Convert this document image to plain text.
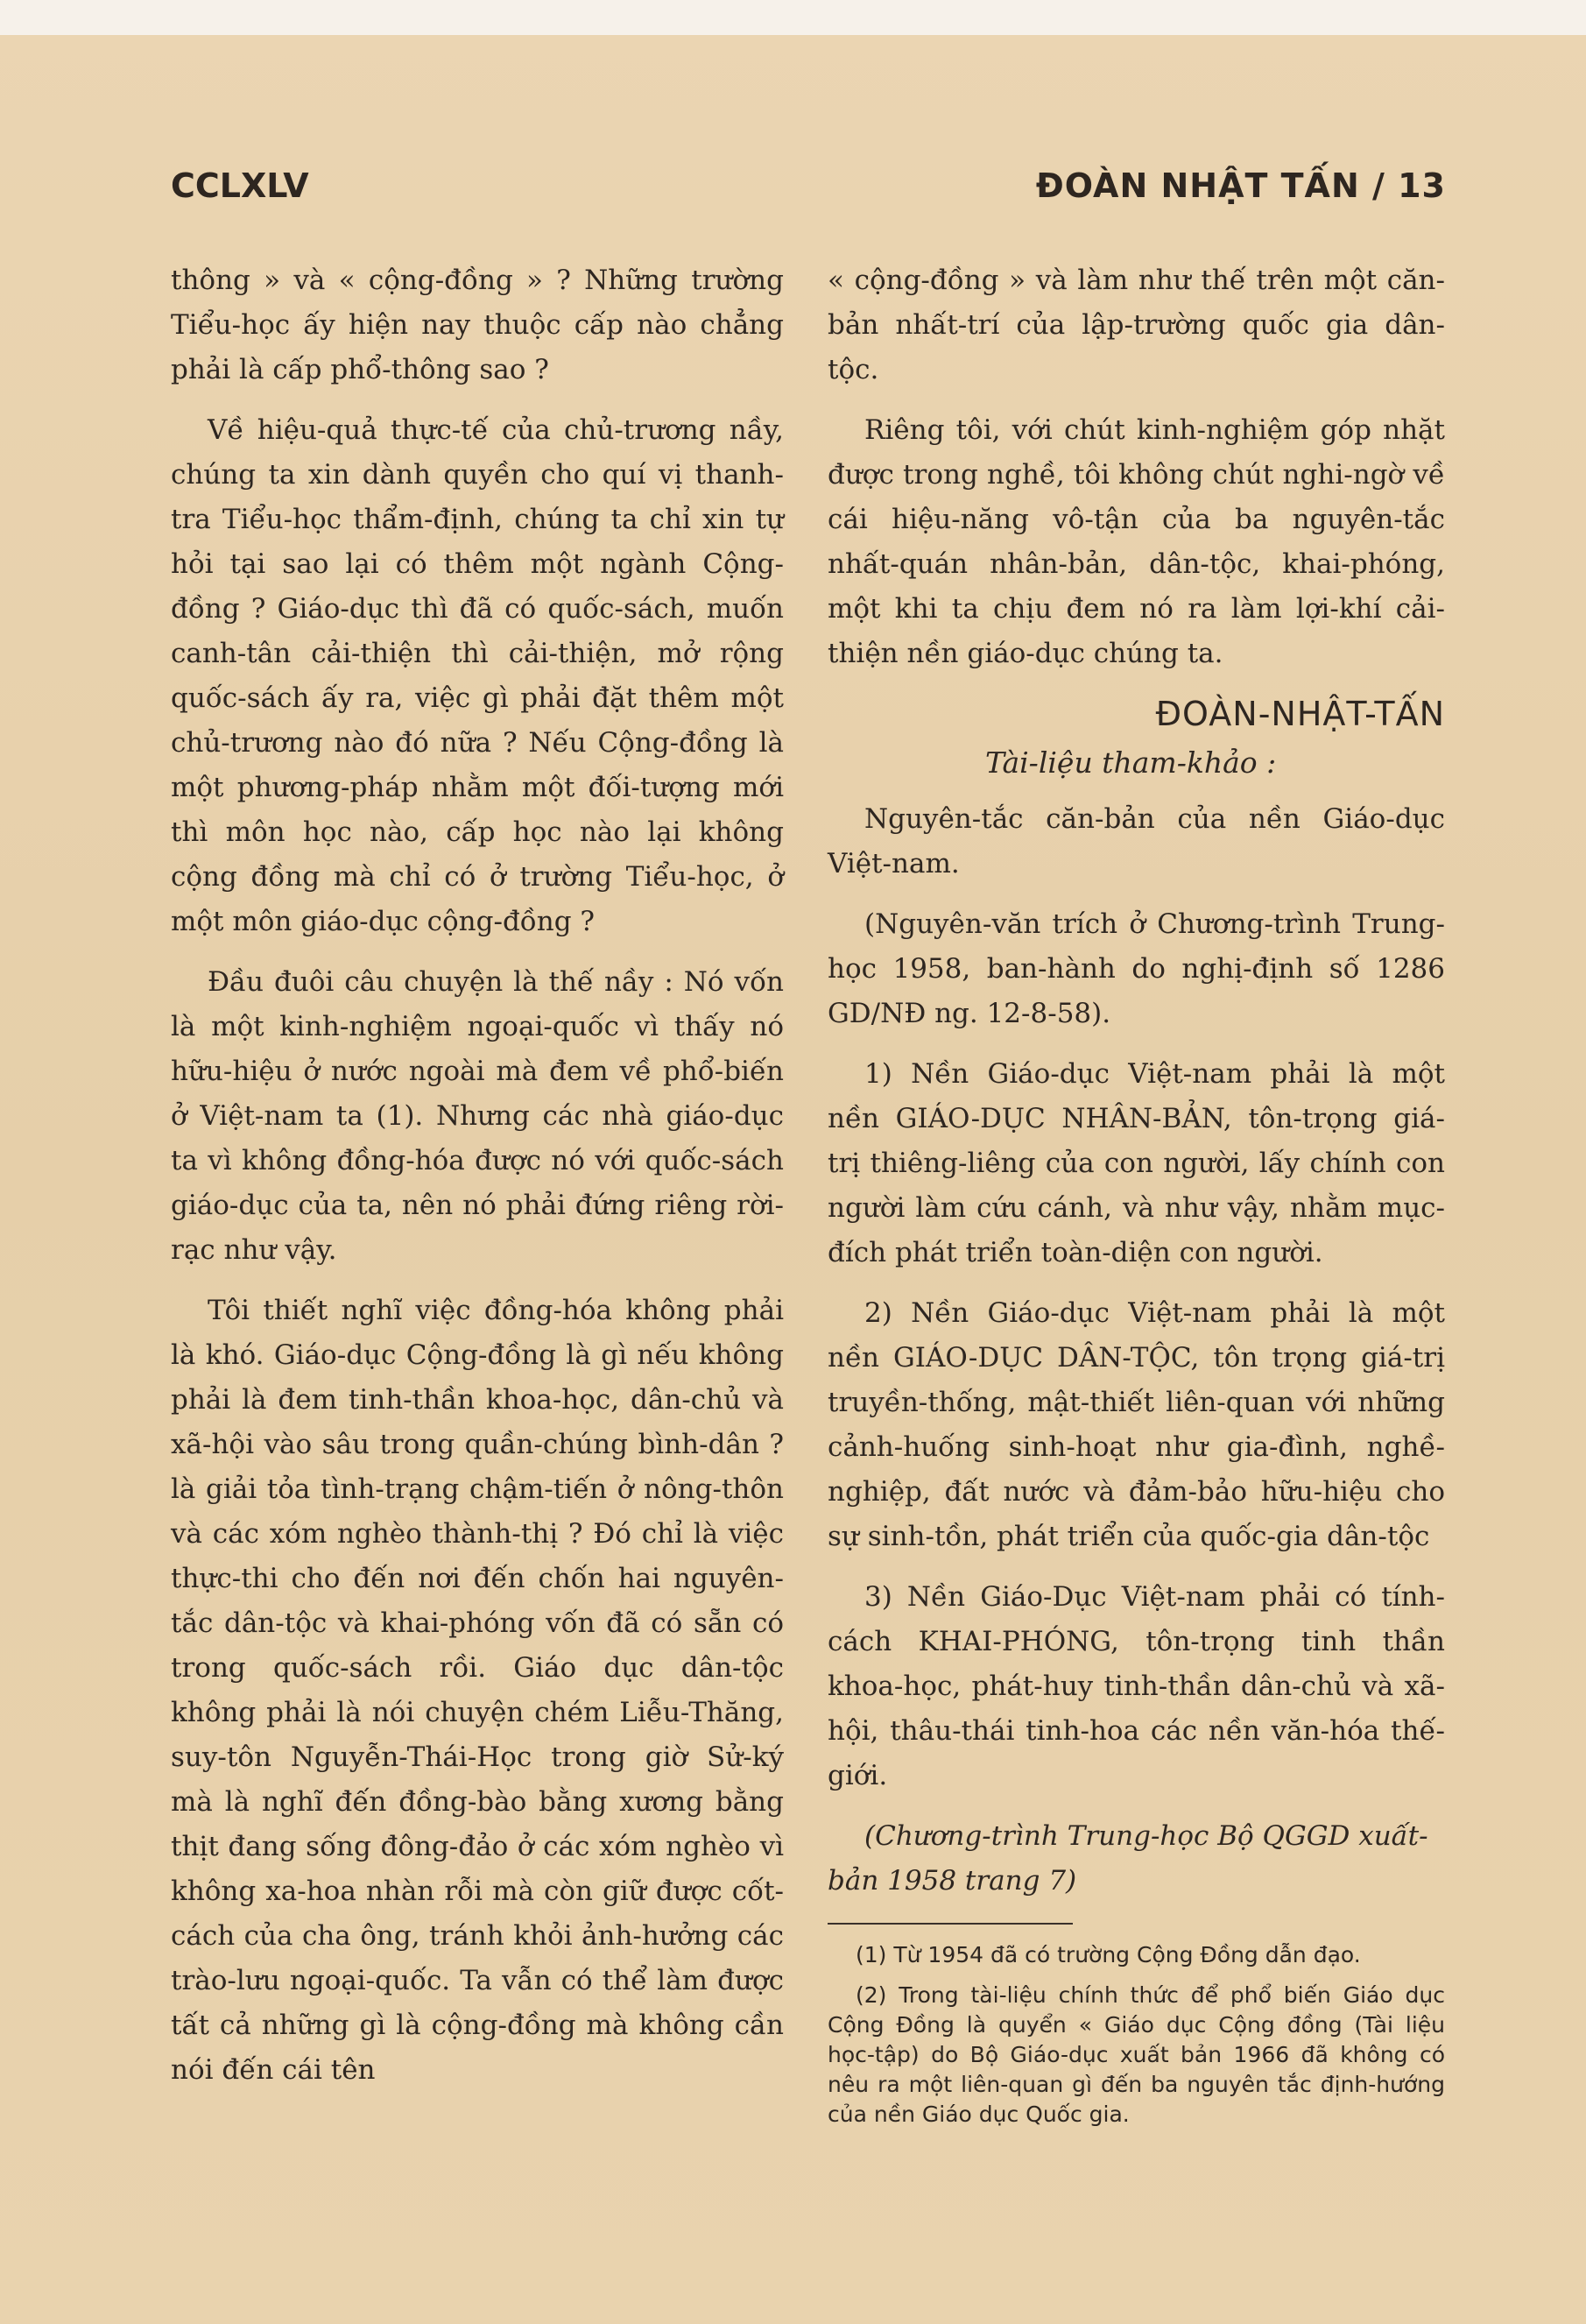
CCLXLV	ĐOÀN NHẬT TẤN / 13

thông » và « cộng-đồng » ? Những trường Tiểu-học ấy hiện nay thuộc cấp nào chẳng phải là cấp phổ-thông sao ?

Về hiệu-quả thực-tế của chủ-trương nầy, chúng ta xin dành quyền cho quí vị thanh-tra Tiểu-học thẩm-định, chúng ta chỉ xin tự hỏi tại sao lại có thêm một ngành Cộng-đồng ? Giáo-dục thì đã có quốc-sách, muốn canh-tân cải-thiện thì cải-thiện, mở rộng quốc-sách ấy ra, việc gì phải đặt thêm một chủ-trương nào đó nữa ? Nếu Cộng-đồng là một phương-pháp nhằm một đối-tượng mới thì môn học nào, cấp học nào lại không cộng đồng mà chỉ có ở trường Tiểu-học, ở một môn giáo-dục cộng-đồng ?

Đầu đuôi câu chuyện là thế nầy : Nó vốn là một kinh-nghiệm ngoại-quốc vì thấy nó hữu-hiệu ở nước ngoài mà đem về phổ-biến ở Việt-nam ta (1). Nhưng các nhà giáo-dục ta vì không đồng-hóa được nó với quốc-sách giáo-dục của ta, nên nó phải đứng riêng rời-rạc như vậy.

Tôi thiết nghĩ việc đồng-hóa không phải là khó. Giáo-dục Cộng-đồng là gì nếu không phải là đem tinh-thần khoa-học, dân-chủ và xã-hội vào sâu trong quần-chúng bình-dân ? là giải tỏa tình-trạng chậm-tiến ở nông-thôn và các xóm nghèo thành-thị ? Đó chỉ là việc thực-thi cho đến nơi đến chốn hai nguyên-tắc dân-tộc và khai-phóng vốn đã có sẵn có trong quốc-sách rồi. Giáo dục dân-tộc không phải là nói chuyện chém Liễu-Thăng, suy-tôn Nguyễn-Thái-Học trong giờ Sử-ký mà là nghĩ đến đồng-bào bằng xương bằng thịt đang sống đông-đảo ở các xóm nghèo vì không xa-hoa nhàn rỗi mà còn giữ được cốt-cách của cha ông, tránh khỏi ảnh-hưởng các trào-lưu ngoại-quốc. Ta vẫn có thể làm được tất cả những gì là cộng-đồng mà không cần nói đến cái tên

« cộng-đồng » và làm như thế trên một căn-bản nhất-trí của lập-trường quốc gia dân-tộc.

Riêng tôi, với chút kinh-nghiệm góp nhặt được trong nghề, tôi không chút nghi-ngờ về cái hiệu-năng vô-tận của ba nguyên-tắc nhất-quán nhân-bản, dân-tộc, khai-phóng, một khi ta chịu đem nó ra làm lợi-khí cải-thiện nền giáo-dục chúng ta.

ĐOÀN-NHẬT-TẤN
Tài-liệu tham-khảo :

Nguyên-tắc căn-bản của nền Giáo-dục Việt-nam.

(Nguyên-văn trích ở Chương-trình Trung-học 1958, ban-hành do nghị-định số 1286 GD/NĐ ng. 12-8-58).

1) Nền Giáo-dục Việt-nam phải là một nền GIÁO-DỤC NHÂN-BẢN, tôn-trọng giá-trị thiêng-liêng của con người, lấy chính con người làm cứu cánh, và như vậy, nhằm mục-đích phát triển toàn-diện con người.

2) Nền Giáo-dục Việt-nam phải là một nền GIÁO-DỤC DÂN-TỘC, tôn trọng giá-trị truyền-thống, mật-thiết liên-quan với những cảnh-huống sinh-hoạt như gia-đình, nghề-nghiệp, đất nước và đảm-bảo hữu-hiệu cho sự sinh-tồn, phát triển của quốc-gia dân-tộc

3) Nền Giáo-Dục Việt-nam phải có tính-cách KHAI-PHÓNG, tôn-trọng tinh thần khoa-học, phát-huy tinh-thần dân-chủ và xã-hội, thâu-thái tinh-hoa các nền văn-hóa thế-giới.

(Chương-trình Trung-học Bộ QGGD xuất-bản 1958 trang 7)
(1) Từ 1954 đã có trường Cộng Đồng dẫn đạo.
(2) Trong tài-liệu chính thức để phổ biến Giáo dục Cộng Đồng là quyển « Giáo dục Cộng đồng (Tài liệu học-tập) do Bộ Giáo-dục xuất bản 1966 đã không có nêu ra một liên-quan gì đến ba nguyên tắc định-hướng của nền Giáo dục Quốc gia.
